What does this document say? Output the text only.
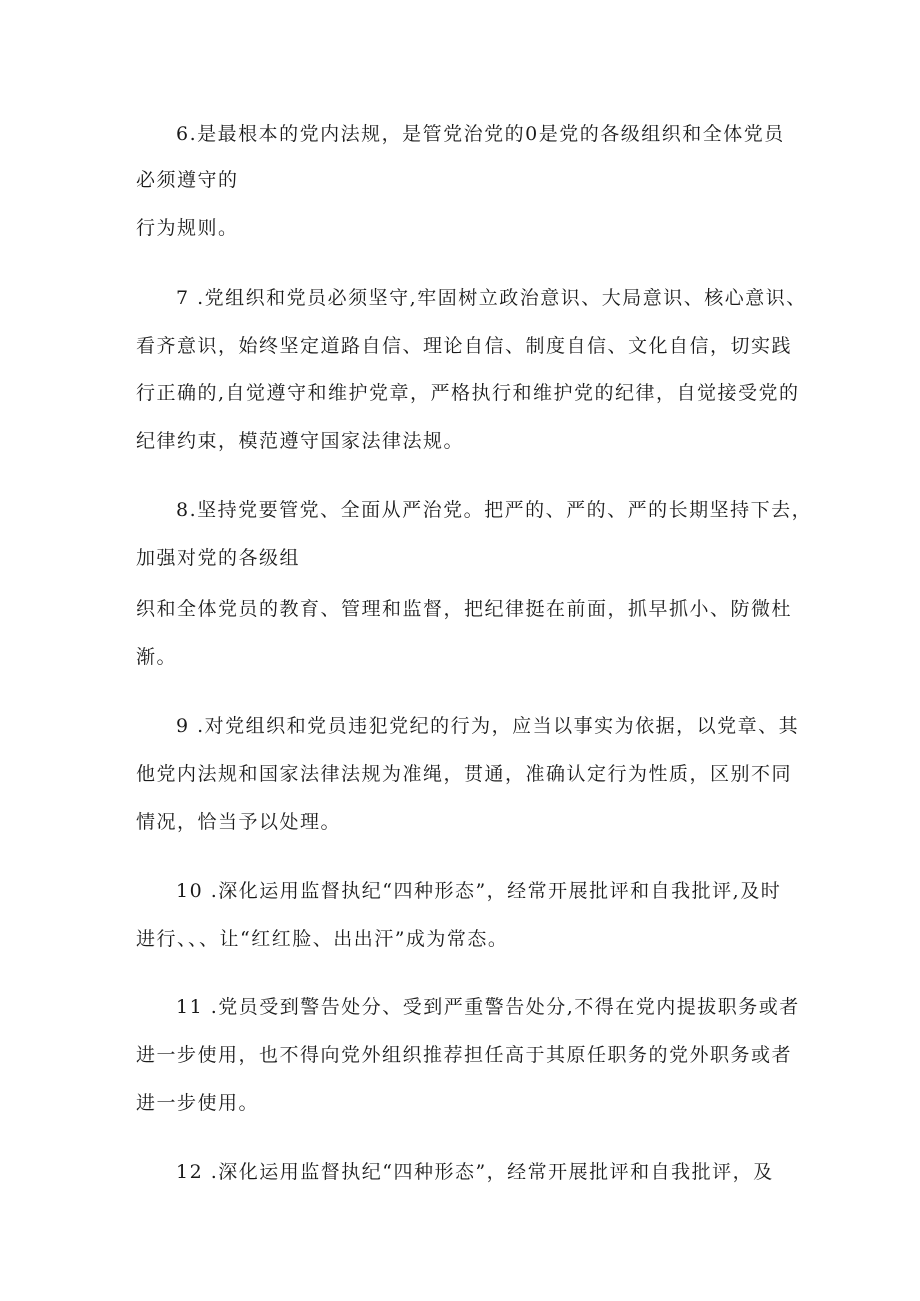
6.是最根本的党内法规，是管党治党的0是党的各级组织和全体党员
必须遵守的
行为规则。
7 .党组织和党员必须坚守,牢固树立政治意识、大局意识、核心意识、
看齐意识，始终坚定道路自信、理论自信、制度自信、文化自信，切实践
行正确的,自觉遵守和维护党章，严格执行和维护党的纪律，自觉接受党的
纪律约束，模范遵守国家法律法规。
8.坚持党要管党、全面从严治党。把严的、严的、严的长期坚持下去，
加强对党的各级组
织和全体党员的教育、管理和监督，把纪律挺在前面，抓早抓小、防微杜
渐。
9 .对党组织和党员违犯党纪的行为，应当以事实为依据，以党章、其
他党内法规和国家法律法规为准绳，贯通，准确认定行为性质，区别不同
情况，恰当予以处理。
10 .深化运用监督执纪“四种形态”，经常开展批评和自我批评,及时
进行、、、让“红红脸、出出汗”成为常态。
11 .党员受到警告处分、受到严重警告处分,不得在党内提拔职务或者
进一步使用，也不得向党外组织推荐担任高于其原任职务的党外职务或者
进一步使用。
12 .深化运用监督执纪“四种形态”，经常开展批评和自我批评，及
